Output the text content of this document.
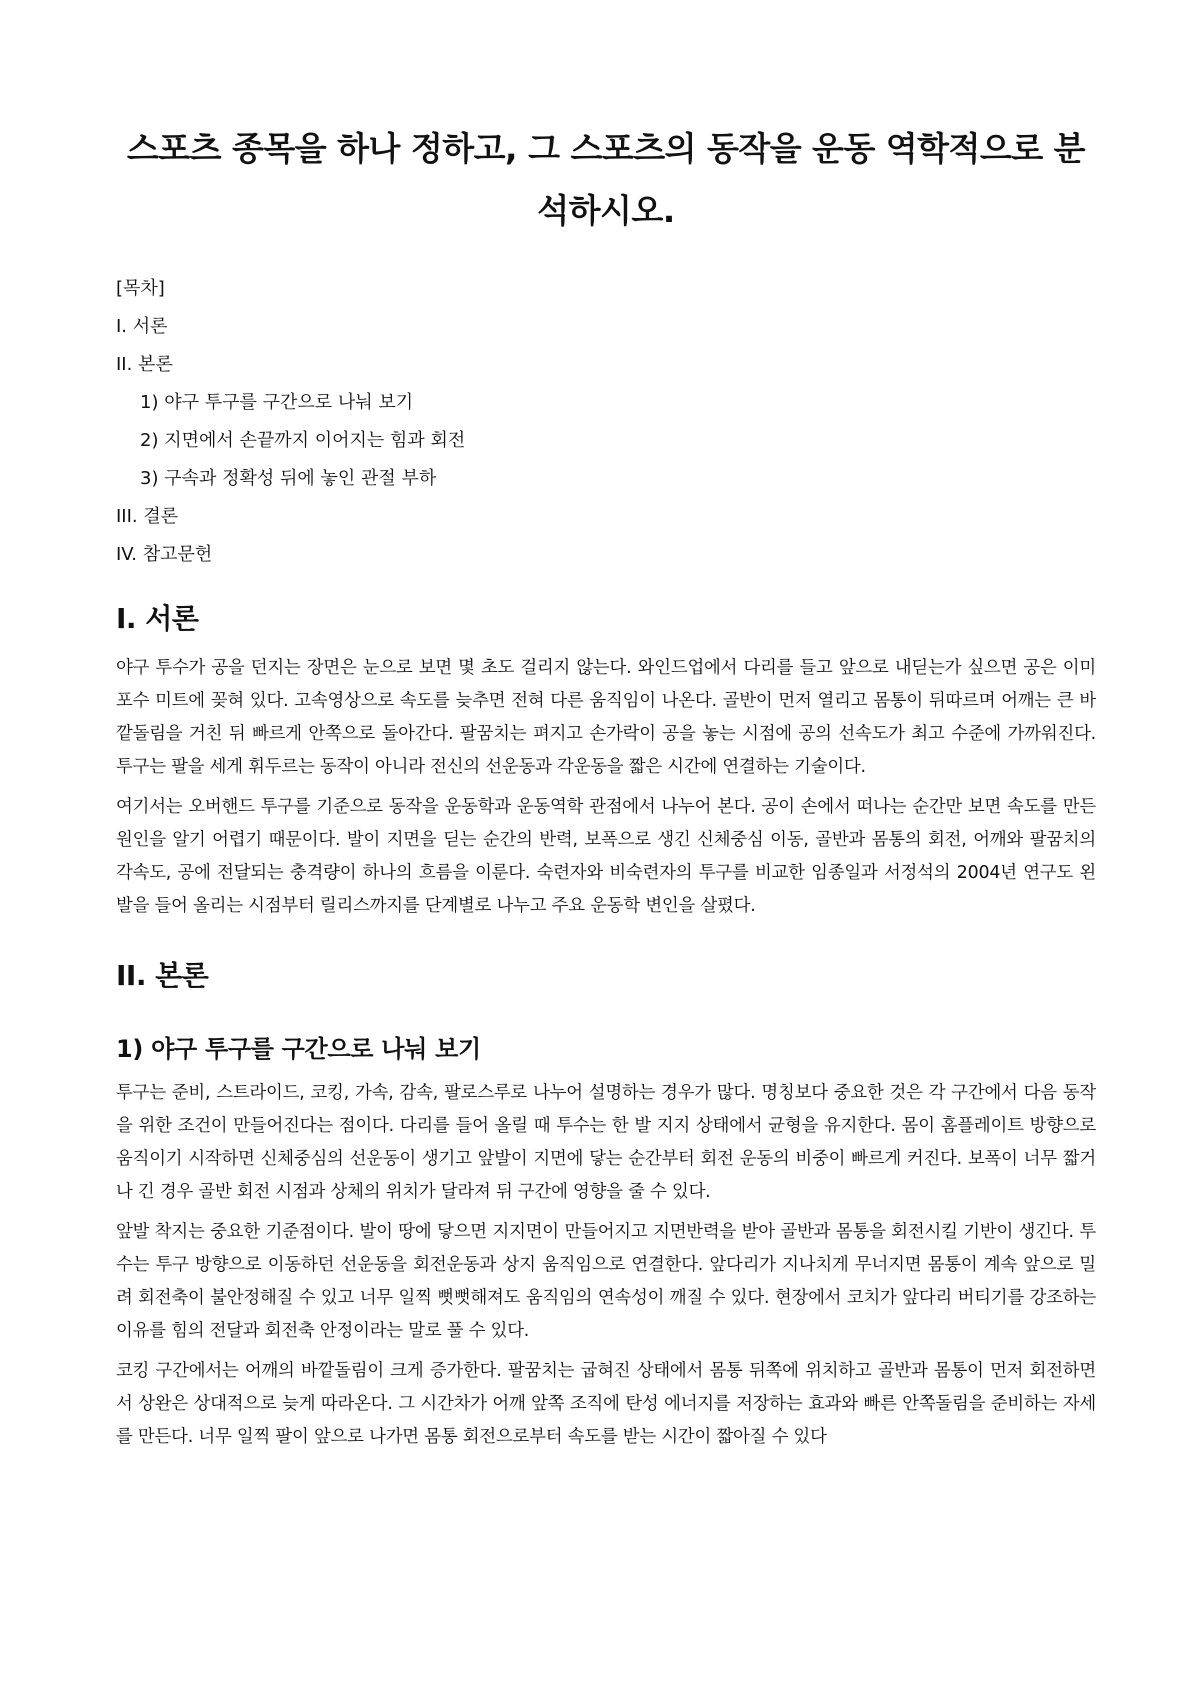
스포츠 종목을 하나 정하고, 그 스포츠의 동작을 운동 역학적으로 분석하시오.
[목차]
I. 서론
II. 본론
1) 야구 투구를 구간으로 나눠 보기
2) 지면에서 손끝까지 이어지는 힘과 회전
3) 구속과 정확성 뒤에 놓인 관절 부하
III. 결론
IV. 참고문헌
I. 서론

야구 투수가 공을 던지는 장면은 눈으로 보면 몇 초도 걸리지 않는다. 와인드업에서 다리를 들고 앞으로 내딛는가 싶으면 공은 이미 포수 미트에 꽂혀 있다. 고속영상으로 속도를 늦추면 전혀 다른 움직임이 나온다. 골반이 먼저 열리고 몸통이 뒤따르며 어깨는 큰 바깥돌림을 거친 뒤 빠르게 안쪽으로 돌아간다. 팔꿈치는 펴지고 손가락이 공을 놓는 시점에 공의 선속도가 최고 수준에 가까워진다. 투구는 팔을 세게 휘두르는 동작이 아니라 전신의 선운동과 각운동을 짧은 시간에 연결하는 기술이다.

여기서는 오버핸드 투구를 기준으로 동작을 운동학과 운동역학 관점에서 나누어 본다. 공이 손에서 떠나는 순간만 보면 속도를 만든 원인을 알기 어렵기 때문이다. 발이 지면을 딛는 순간의 반력, 보폭으로 생긴 신체중심 이동, 골반과 몸통의 회전, 어깨와 팔꿈치의 각속도, 공에 전달되는 충격량이 하나의 흐름을 이룬다. 숙련자와 비숙련자의 투구를 비교한 임종일과 서정석의 2004년 연구도 왼발을 들어 올리는 시점부터 릴리스까지를 단계별로 나누고 주요 운동학 변인을 살폈다.

II. 본론
1) 야구 투구를 구간으로 나눠 보기

투구는 준비, 스트라이드, 코킹, 가속, 감속, 팔로스루로 나누어 설명하는 경우가 많다. 명칭보다 중요한 것은 각 구간에서 다음 동작을 위한 조건이 만들어진다는 점이다. 다리를 들어 올릴 때 투수는 한 발 지지 상태에서 균형을 유지한다. 몸이 홈플레이트 방향으로 움직이기 시작하면 신체중심의 선운동이 생기고 앞발이 지면에 닿는 순간부터 회전 운동의 비중이 빠르게 커진다. 보폭이 너무 짧거나 긴 경우 골반 회전 시점과 상체의 위치가 달라져 뒤 구간에 영향을 줄 수 있다.

앞발 착지는 중요한 기준점이다. 발이 땅에 닿으면 지지면이 만들어지고 지면반력을 받아 골반과 몸통을 회전시킬 기반이 생긴다. 투수는 투구 방향으로 이동하던 선운동을 회전운동과 상지 움직임으로 연결한다. 앞다리가 지나치게 무너지면 몸통이 계속 앞으로 밀려 회전축이 불안정해질 수 있고 너무 일찍 뻣뻣해져도 움직임의 연속성이 깨질 수 있다. 현장에서 코치가 앞다리 버티기를 강조하는 이유를 힘의 전달과 회전축 안정이라는 말로 풀 수 있다.

코킹 구간에서는 어깨의 바깥돌림이 크게 증가한다. 팔꿈치는 굽혀진 상태에서 몸통 뒤쪽에 위치하고 골반과 몸통이 먼저 회전하면서 상완은 상대적으로 늦게 따라온다. 그 시간차가 어깨 앞쪽 조직에 탄성 에너지를 저장하는 효과와 빠른 안쪽돌림을 준비하는 자세를 만든다. 너무 일찍 팔이 앞으로 나가면 몸통 회전으로부터 속도를 받는 시간이 짧아질 수 있다
